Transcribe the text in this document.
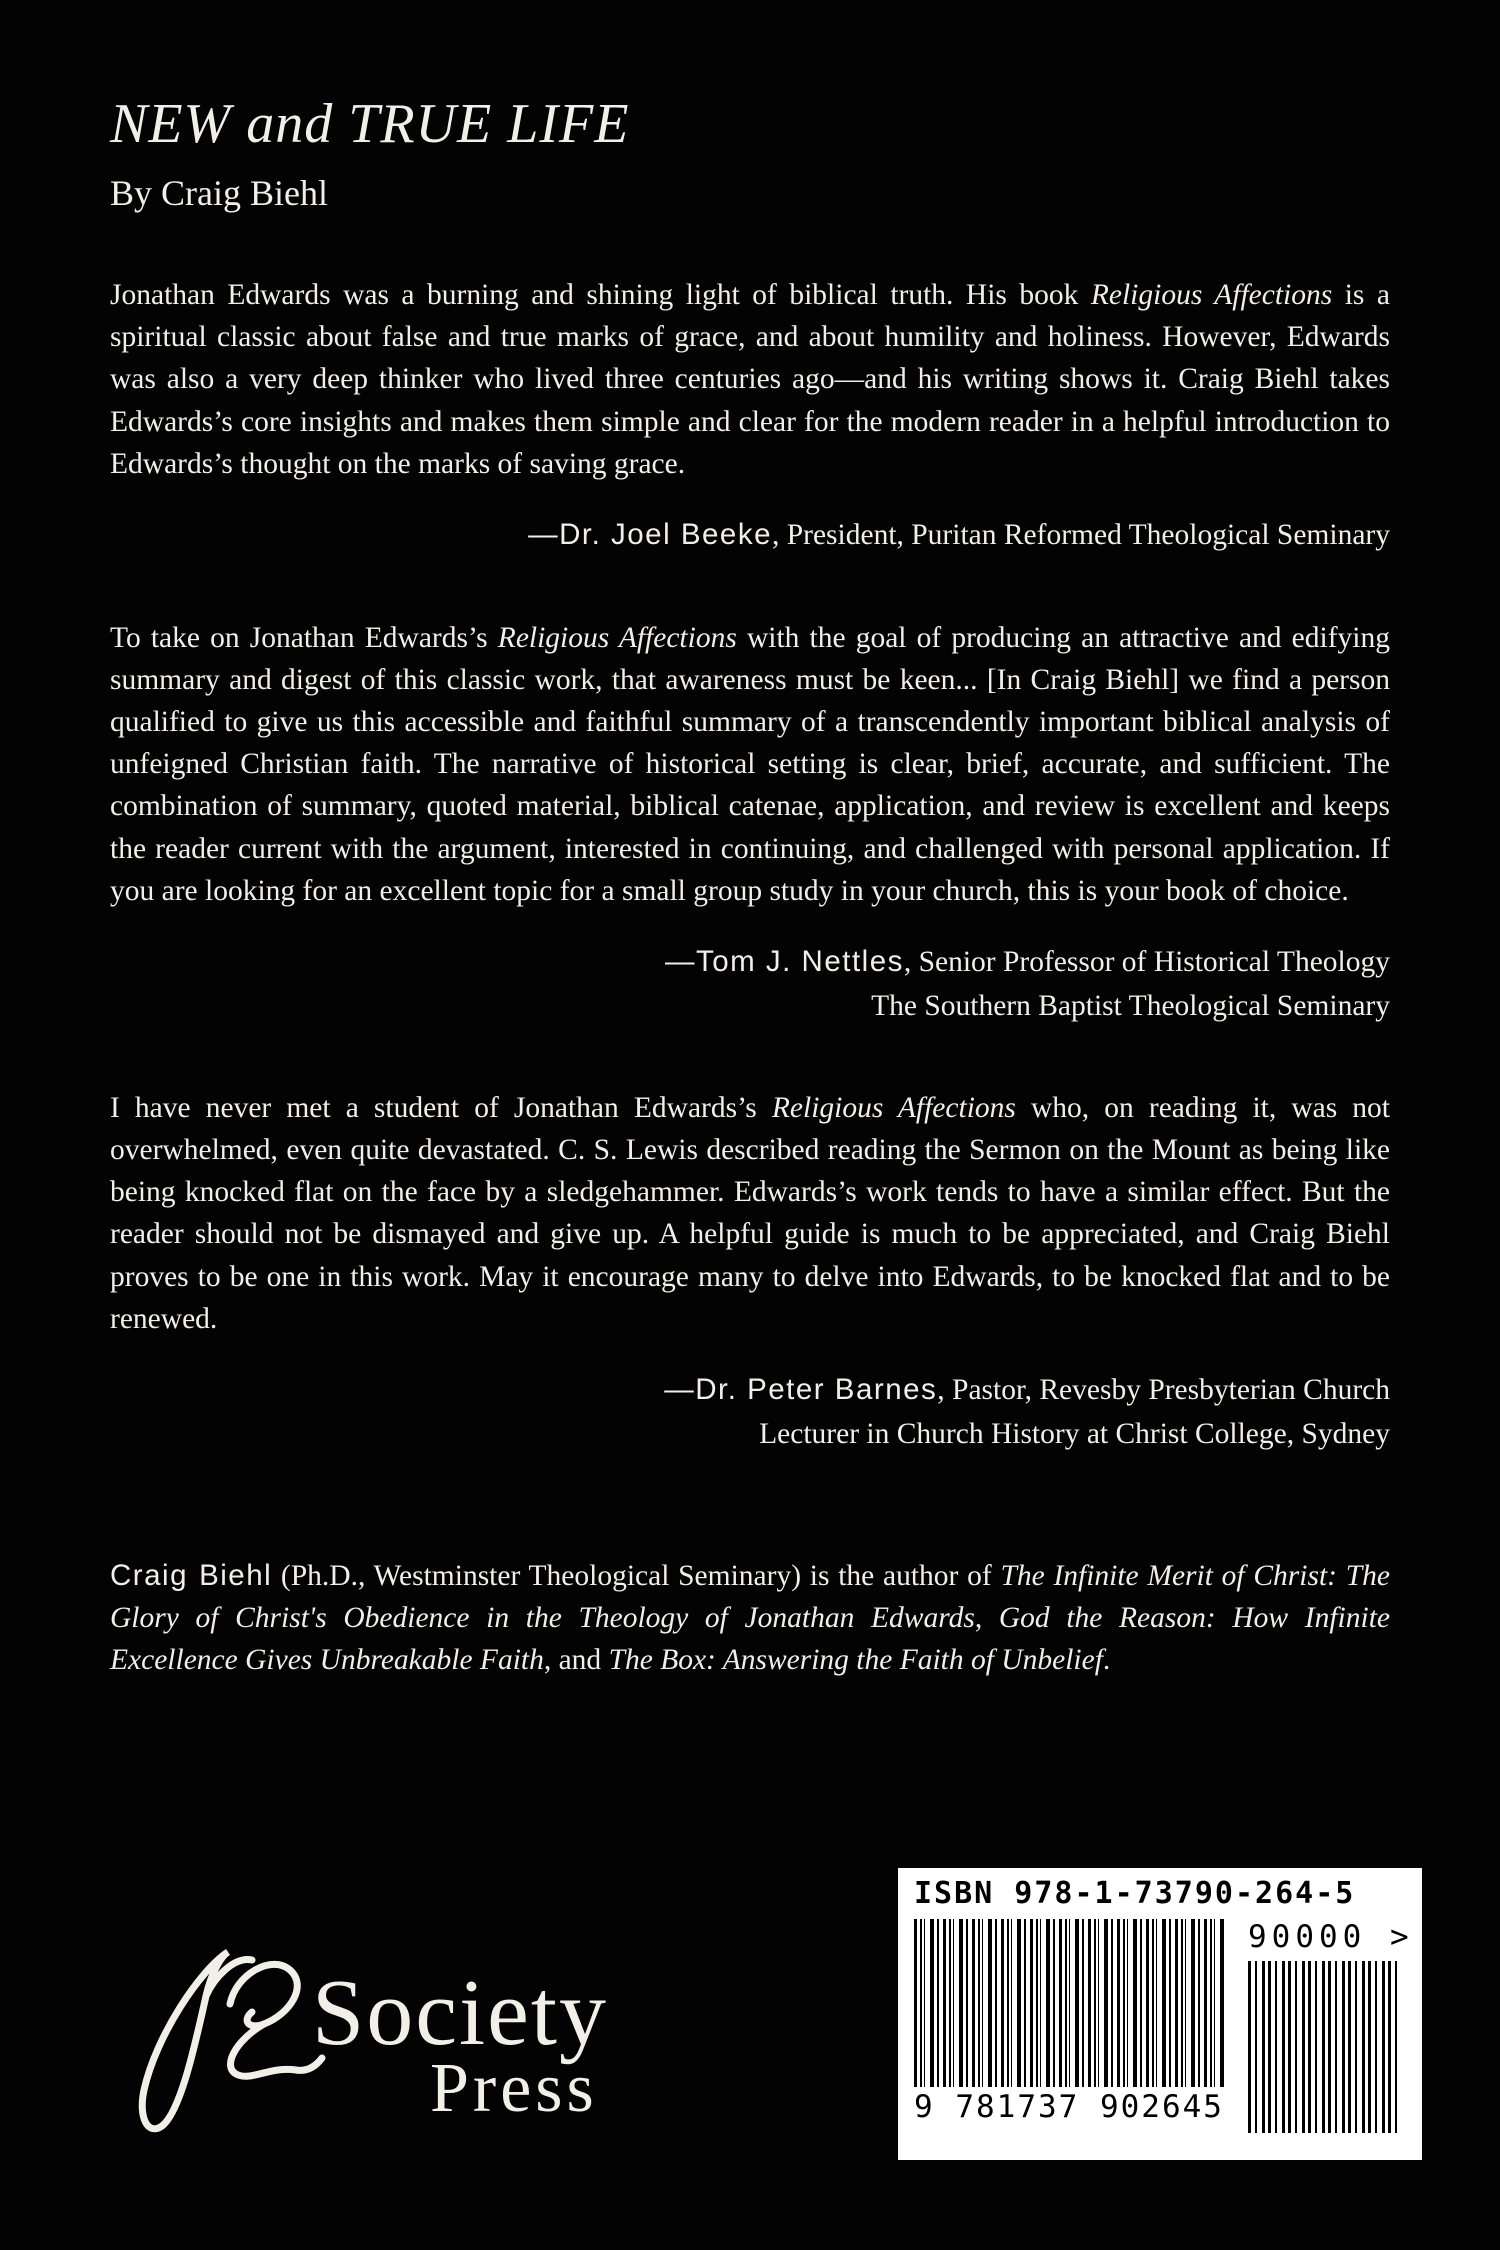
NEW and TRUE LIFE
By Craig Biehl

Jonathan Edwards was a burning and shining light of biblical truth. His book Religious Affections is a spiritual classic about false and true marks of grace, and about humility and holiness. However, Edwards was also a very deep thinker who lived three centuries ago—and his writing shows it. Craig Biehl takes Edwards’s core insights and makes them simple and clear for the modern reader in a helpful introduction to Edwards’s thought on the marks of saving grace.

—Dr. Joel Beeke, President, Puritan Reformed Theological Seminary

To take on Jonathan Edwards’s Religious Affections with the goal of producing an attractive and edifying summary and digest of this classic work, that awareness must be keen... [In Craig Biehl] we find a person qualified to give us this accessible and faithful summary of a transcendently important biblical analysis of unfeigned Christian faith. The narrative of historical setting is clear, brief, accurate, and sufficient. The combination of summary, quoted material, biblical catenae, application, and review is excellent and keeps the reader current with the argument, interested in continuing, and challenged with personal application. If you are looking for an excellent topic for a small group study in your church, this is your book of choice.

—Tom J. Nettles, Senior Professor of Historical Theology
The Southern Baptist Theological Seminary

I have never met a student of Jonathan Edwards’s Religious Affections who, on reading it, was not overwhelmed, even quite devastated. C. S. Lewis described reading the Sermon on the Mount as being like being knocked flat on the face by a sledgehammer. Edwards’s work tends to have a similar effect. But the reader should not be dismayed and give up. A helpful guide is much to be appreciated, and Craig Biehl proves to be one in this work. May it encourage many to delve into Edwards, to be knocked flat and to be renewed.

—Dr. Peter Barnes, Pastor, Revesby Presbyterian Church
Lecturer in Church History at Christ College, Sydney

Craig Biehl (Ph.D., Westminster Theological Seminary) is the author of The Infinite Merit of Christ: The Glory of Christ's Obedience in the Theology of Jonathan Edwards, God the Reason: How Infinite Excellence Gives Unbreakable Faith, and The Box: Answering the Faith of Unbelief.

Society
Press
ISBN 978-1-73790-264-5
9 781737 902645
90000 >
